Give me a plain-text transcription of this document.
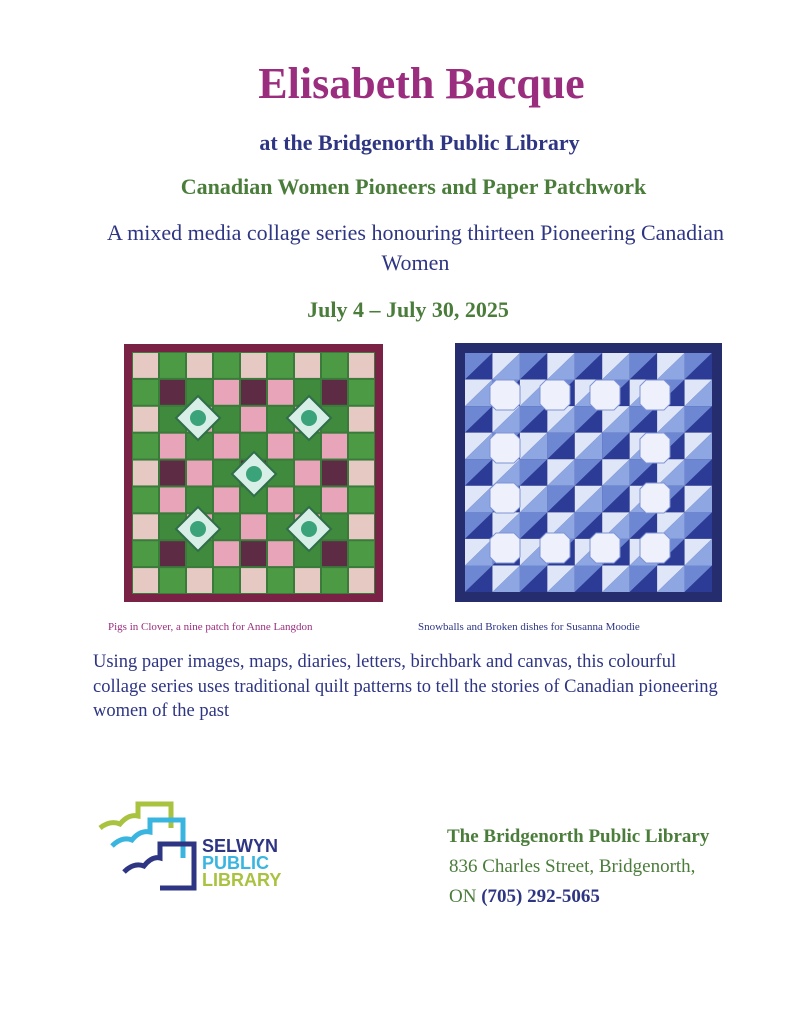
Elisabeth Bacque
at the Bridgenorth Public Library
Canadian Women Pioneers and Paper Patchwork
A mixed media collage series honouring thirteen Pioneering Canadian Women
July 4 – July 30, 2025
Pigs in Clover, a nine patch for Anne Langdon	Snowballs and Broken dishes for Susanna Moodie
Using paper images, maps, diaries, letters, birchbark and canvas, this colourful collage series uses traditional quilt patterns to tell the stories of Canadian pioneering women of the past
SELWYN
PUBLIC
LIBRARY
The Bridgenorth Public Library
836 Charles Street, Bridgenorth,
ON (705) 292-5065
